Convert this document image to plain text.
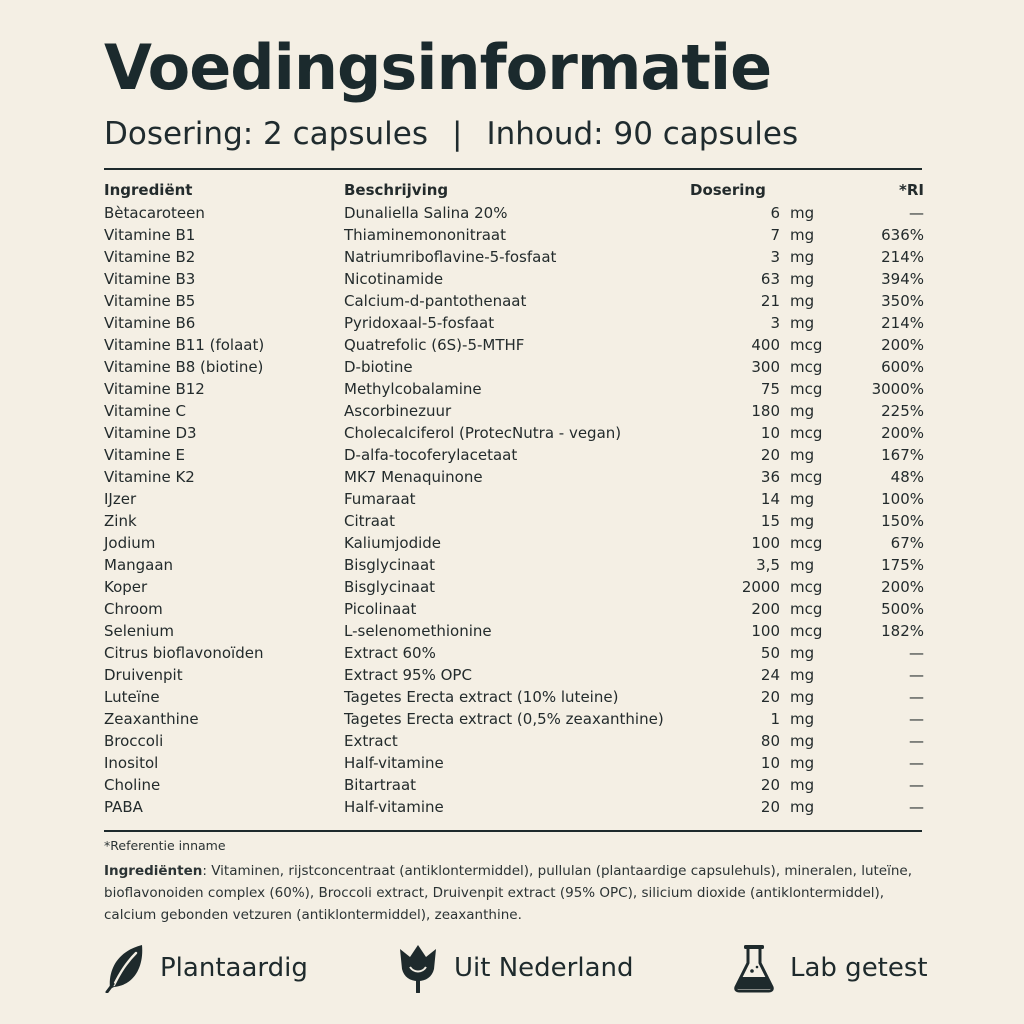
Voedingsinformatie
Dosering: 2 capsules | Inhoud: 90 capsules
Ingrediënt	Beschrijving	Dosering		*RI
Bètacaroteen	Dunaliella Salina 20%	6	mg	—
Vitamine B1	Thiaminemononitraat	7	mg	636%
Vitamine B2	Natriumriboflavine-5-fosfaat	3	mg	214%
Vitamine B3	Nicotinamide	63	mg	394%
Vitamine B5	Calcium-d-pantothenaat	21	mg	350%
Vitamine B6	Pyridoxaal-5-fosfaat	3	mg	214%
Vitamine B11 (folaat)	Quatrefolic (6S)-5-MTHF	400	mcg	200%
Vitamine B8 (biotine)	D-biotine	300	mcg	600%
Vitamine B12	Methylcobalamine	75	mcg	3000%
Vitamine C	Ascorbinezuur	180	mg	225%
Vitamine D3	Cholecalciferol (ProtecNutra - vegan)	10	mcg	200%
Vitamine E	D-alfa-tocoferylacetaat	20	mg	167%
Vitamine K2	MK7 Menaquinone	36	mcg	48%
IJzer	Fumaraat	14	mg	100%
Zink	Citraat	15	mg	150%
Jodium	Kaliumjodide	100	mcg	67%
Mangaan	Bisglycinaat	3,5	mg	175%
Koper	Bisglycinaat	2000	mcg	200%
Chroom	Picolinaat	200	mcg	500%
Selenium	L-selenomethionine	100	mcg	182%
Citrus bioflavonoïden	Extract 60%	50	mg	—
Druivenpit	Extract 95% OPC	24	mg	—
Luteïne	Tagetes Erecta extract (10% luteine)	20	mg	—
Zeaxanthine	Tagetes Erecta extract (0,5% zeaxanthine)	1	mg	—
Broccoli	Extract	80	mg	—
Inositol	Half-vitamine	10	mg	—
Choline	Bitartraat	20	mg	—
PABA	Half-vitamine	20	mg	—
*Referentie inname
Ingrediënten: Vitaminen, rijstconcentraat (antiklontermiddel), pullulan (plantaardige capsulehuls), mineralen, luteïne, bioflavonoiden complex (60%), Broccoli extract, Druivenpit extract (95% OPC), silicium dioxide (antiklontermiddel), calcium gebonden vetzuren (antiklontermiddel), zeaxanthine.
Plantaardig	Uit Nederland	Lab getest
